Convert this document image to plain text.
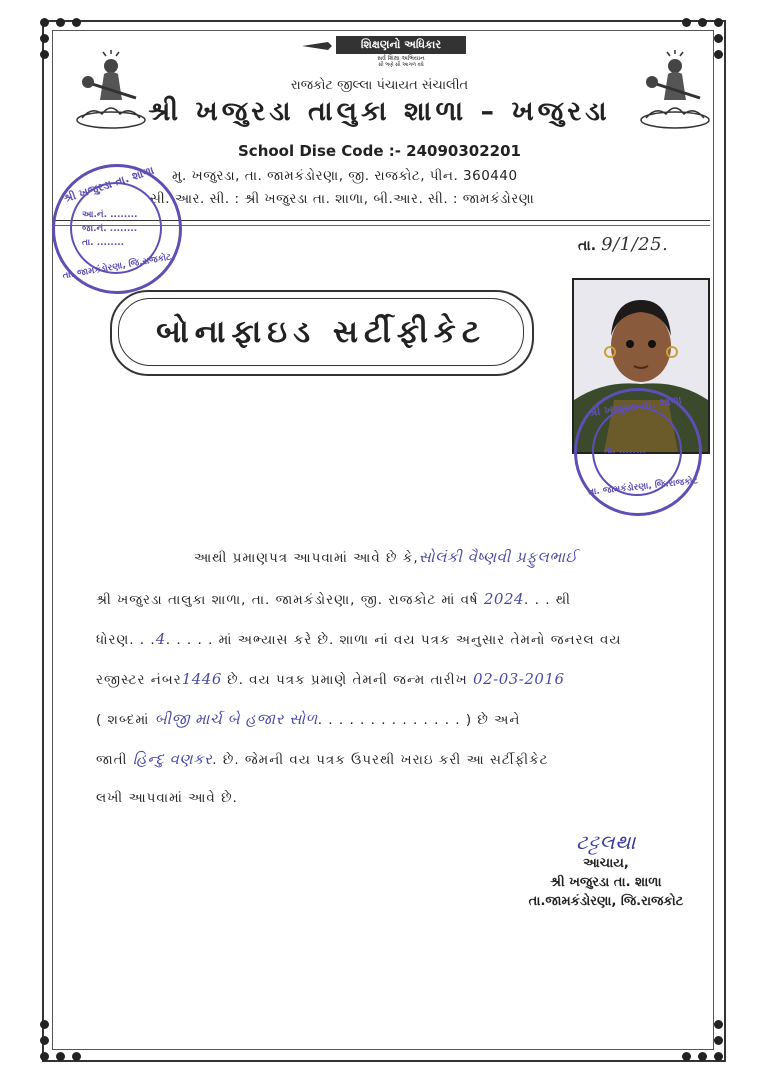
શિક્ષણનો અધિકાર
સર્વ શિક્ષા અભિયાન
સૌ ભણે સૌ આગળ વધે
રાજકોટ જીલ્લા પંચાયત સંચાલીત
શ્રી ખજુરડા તાલુકા શાળા – ખજુરડા
School Dise Code :- 24090302201
મુ. ખજુરડા, તા. જામકંડોરણા, જી. રાજકોટ, પીન. 360440
સી. આર. સી. : શ્રી ખજુરડા તા. શાળા, બી.આર. સી. : જામકંડોરણા
શ્રી ખજુરડા તા. શાળા
આ.નં. ........
જા.નં. ........
તા. ........
તા. જામકંડોરણા, જિ.રાજકોટ
તા. 9/1/25.
બોનાફાઇડ સર્ટીફીકેટ
શ્રી ખજુરડા તા. શાળા
તા. ........
તા. જામકંડોરણા, જિ.રાજકોટ
આથી પ્રમાણપત્ર આપવામાં આવે છે કે,સોલંકી વૈષ્ણવી પ્રફુલભાઈ
શ્રી ખજુરડા તાલુકા શાળા, તા. જામકંડોરણા, જી. રાજકોટ માં વર્ષ 2024. . . થી
ધોરણ. . .4. . . . . માં અભ્યાસ કરે છે. શાળા નાં વય પત્રક અનુસાર તેમનો જનરલ વય
રજીસ્ટર નંબર1446 છે. વય પત્રક પ્રમાણે તેમની જન્મ તારીખ 02-03-2016
( શબ્દમાં બીજી માર્ચ બે હજાર સોળ. . . . . . . . . . . . . . ) છે અને
જાતી હિન્દુ વણકર. છે. જેમની વય પત્રક ઉપરથી ખરાઇ કરી આ સર્ટીફીકેટ
લખી આપવામાં આવે છે.
ટટ્ટલથા
આચાય,
શ્રી ખજુરડા તા. શાળા
તા.જામકંડોરણા, જિ.રાજકોટ
